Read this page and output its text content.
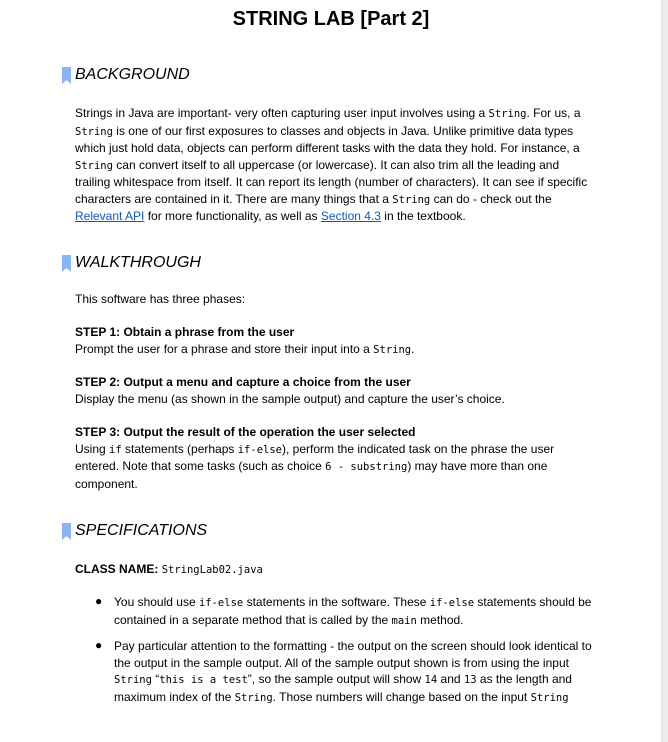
STRING LAB [Part 2]
BACKGROUND
Strings in Java are important- very often capturing user input involves using a String. For us, a String is one of our first exposures to classes and objects in Java. Unlike primitive data types which just hold data, objects can perform different tasks with the data they hold. For instance, a String can convert itself to all uppercase (or lowercase). It can also trim all the leading and trailing whitespace from itself. It can report its length (number of characters). It can see if specific characters are contained in it. There are many things that a String can do - check out the Relevant API for more functionality, as well as Section 4.3 in the textbook.
WALKTHROUGH
This software has three phases:
STEP 1: Obtain a phrase from the user
Prompt the user for a phrase and store their input into a String.
STEP 2: Output a menu and capture a choice from the user
Display the menu (as shown in the sample output) and capture the user’s choice.
STEP 3: Output the result of the operation the user selected
Using if statements (perhaps if-else), perform the indicated task on the phrase the user entered. Note that some tasks (such as choice 6 - substring) may have more than one component.
SPECIFICATIONS
CLASS NAME: StringLab02.java
● You should use if-else statements in the software. These if-else statements should be contained in a separate method that is called by the main method.
● Pay particular attention to the formatting - the output on the screen should look identical to the output in the sample output. All of the sample output shown is from using the input String “this is a test”, so the sample output will show 14 and 13 as the length and maximum index of the String. Those numbers will change based on the input String
